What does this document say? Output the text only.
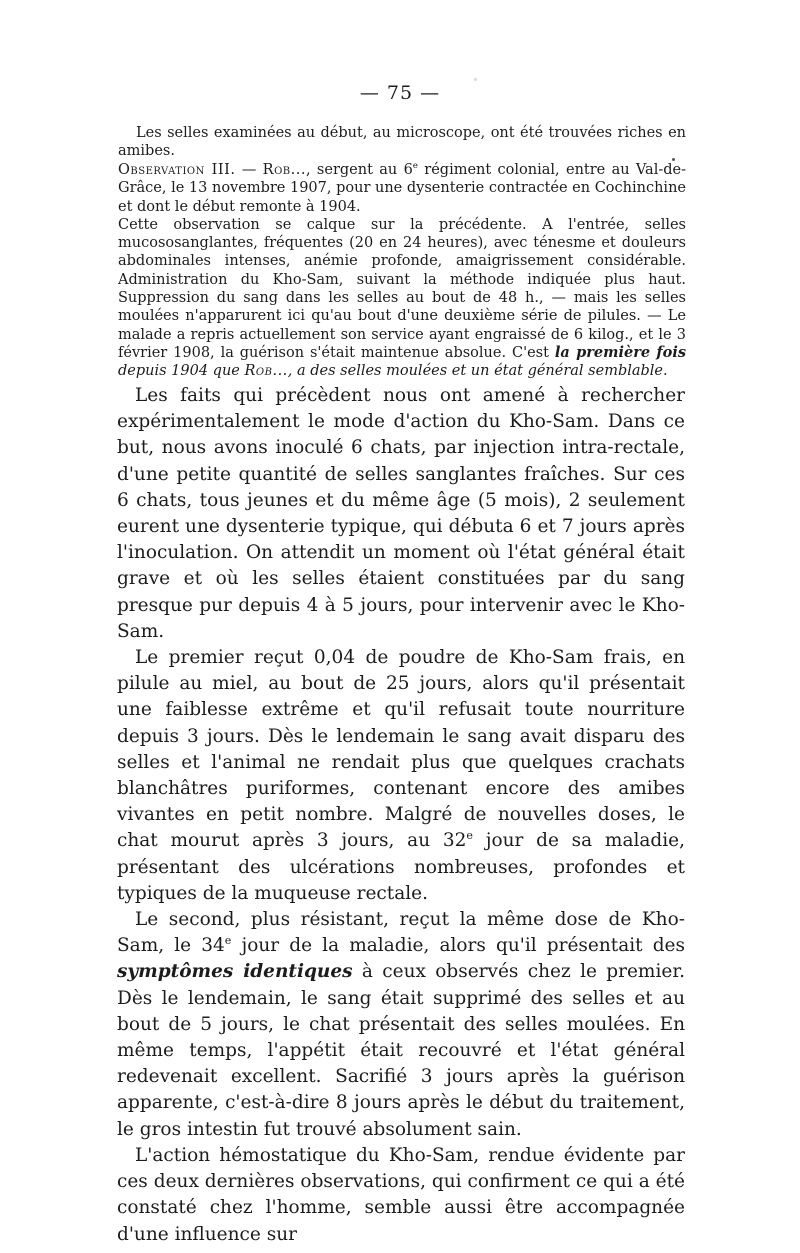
— 75 —

Les selles examinées au début, au microscope, ont été trouvées riches en amibes.

Observation III. — Rob..., sergent au 6e régiment colonial, entre au Val-de-Grâce, le 13 novembre 1907, pour une dysenterie contractée en Cochinchine et dont le début remonte à 1904.

Cette observation se calque sur la précédente. A l'entrée, selles mucososanglantes, fréquentes (20 en 24 heures), avec ténesme et douleurs abdominales intenses, anémie profonde, amaigrissement considérable. Administration du Kho-Sam, suivant la méthode indiquée plus haut. Suppression du sang dans les selles au bout de 48 h., — mais les selles moulées n'apparurent ici qu'au bout d'une deuxième série de pilules. — Le malade a repris actuellement son service ayant engraissé de 6 kilog., et le 3 février 1908, la guérison s'était maintenue absolue. C'est la première fois depuis 1904 que Rob..., a des selles moulées et un état général semblable.

Les faits qui précèdent nous ont amené à rechercher expérimentalement le mode d'action du Kho-Sam. Dans ce but, nous avons inoculé 6 chats, par injection intra-rectale, d'une petite quantité de selles sanglantes fraîches. Sur ces 6 chats, tous jeunes et du même âge (5 mois), 2 seulement eurent une dysenterie typique, qui débuta 6 et 7 jours après l'inoculation. On attendit un moment où l'état général était grave et où les selles étaient constituées par du sang presque pur depuis 4 à 5 jours, pour intervenir avec le Kho-Sam.

Le premier reçut 0,04 de poudre de Kho-Sam frais, en pilule au miel, au bout de 25 jours, alors qu'il présentait une faiblesse extrême et qu'il refusait toute nourriture depuis 3 jours. Dès le lendemain le sang avait disparu des selles et l'animal ne rendait plus que quelques crachats blanchâtres puriformes, contenant encore des amibes vivantes en petit nombre. Malgré de nouvelles doses, le chat mourut après 3 jours, au 32e jour de sa maladie, présentant des ulcérations nombreuses, profondes et typiques de la muqueuse rectale.

Le second, plus résistant, reçut la même dose de Kho-Sam, le 34e jour de la maladie, alors qu'il présentait des symptômes identiques à ceux observés chez le premier. Dès le lendemain, le sang était supprimé des selles et au bout de 5 jours, le chat présentait des selles moulées. En même temps, l'appétit était recouvré et l'état général redevenait excellent. Sacrifié 3 jours après la guérison apparente, c'est-à-dire 8 jours après le début du traitement, le gros intestin fut trouvé absolument sain.

L'action hémostatique du Kho-Sam, rendue évidente par ces deux dernières observations, qui confirment ce qui a été constaté chez l'homme, semble aussi être accompagnée d'une influence sur
